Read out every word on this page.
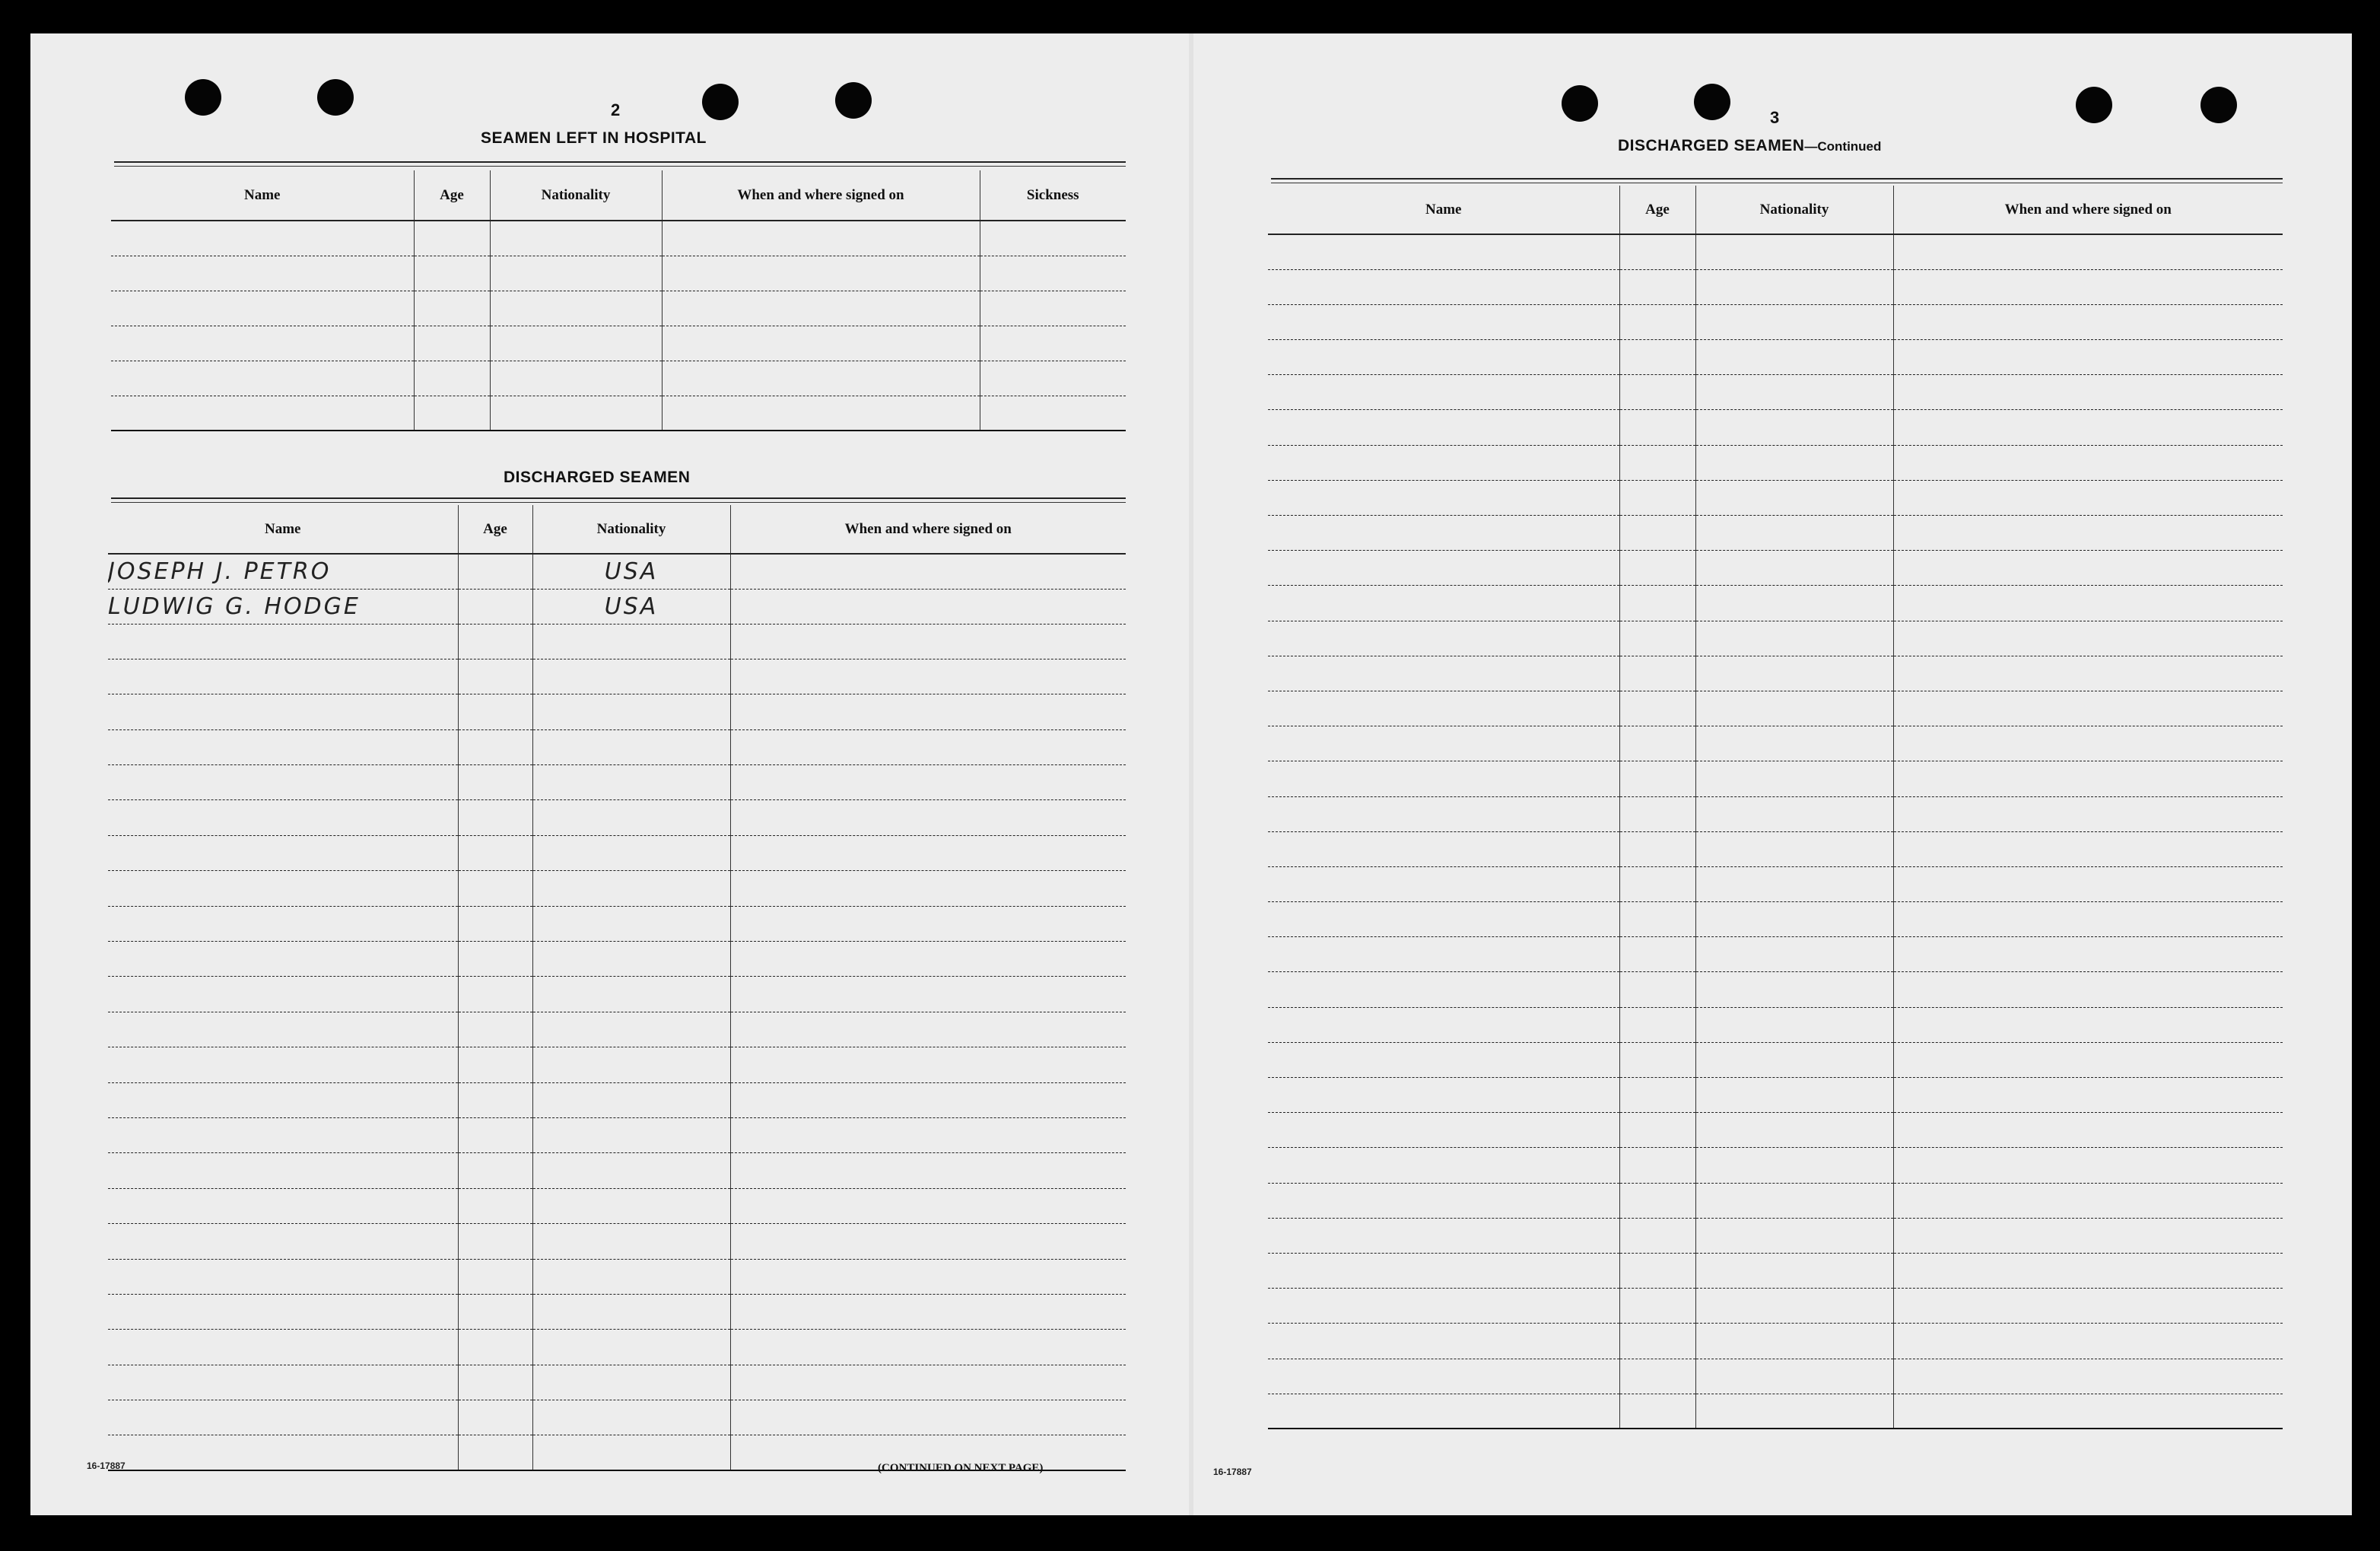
2
SEAMEN LEFT IN HOSPITAL
Name	Age	Nationality	When and where signed on	Sickness

DISCHARGED SEAMEN
Name	Age	Nationality	When and where signed on
JOSEPH J. PETRO		USA	
LUDWIG G. HODGE		USA	

16-17887	(CONTINUED ON NEXT PAGE)
3
DISCHARGED SEAMEN—Continued
Name	Age	Nationality	When and where signed on

16-17887
